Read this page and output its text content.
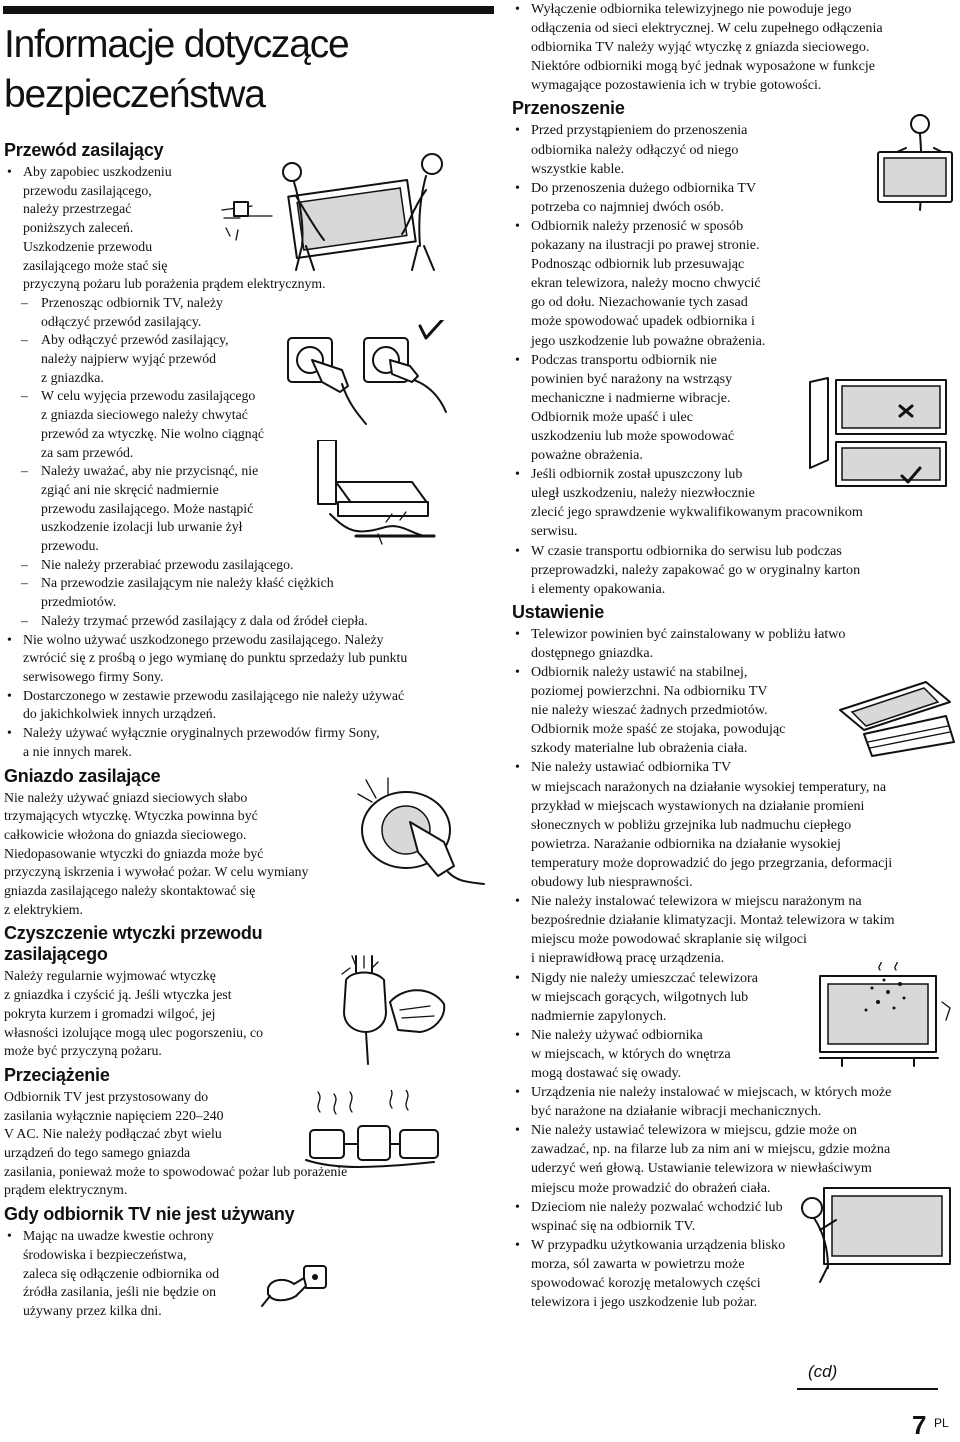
Informacje dotyczące
bezpieczeństwa
Przewód zasilający
• Aby zapobiec uszkodzeniu
przewodu zasilającego,
należy przestrzegać
poniższych zaleceń.
Uszkodzenie przewodu
zasilającego może stać się
przyczyną pożaru lub porażenia prądem elektrycznym.
– Przenosząc odbiornik TV, należy
odłączyć przewód zasilający.
– Aby odłączyć przewód zasilający,
należy najpierw wyjąć przewód
z gniazdka.
– W celu wyjęcia przewodu zasilającego
z gniazda sieciowego należy chwytać
przewód za wtyczkę. Nie wolno ciągnąć
za sam przewód.
– Należy uważać, aby nie przycisnąć, nie
zgiąć ani nie skręcić nadmiernie
przewodu zasilającego. Może nastąpić
uszkodzenie izolacji lub urwanie żył
przewodu.
– Nie należy przerabiać przewodu zasilającego.
– Na przewodzie zasilającym nie należy kłaść ciężkich
przedmiotów.
– Należy trzymać przewód zasilający z dala od źródeł ciepła.
• Nie wolno używać uszkodzonego przewodu zasilającego. Należy
zwrócić się z prośbą o jego wymianę do punktu sprzedaży lub punktu
serwisowego firmy Sony.
• Dostarczonego w zestawie przewodu zasilającego nie należy używać
do jakichkolwiek innych urządzeń.
• Należy używać wyłącznie oryginalnych przewodów firmy Sony,
a nie innych marek.
Gniazdo zasilające

Nie należy używać gniazd sieciowych słabo
trzymających wtyczkę. Wtyczka powinna być
całkowicie włożona do gniazda sieciowego.
Niedopasowanie wtyczki do gniazda może być
przyczyną iskrzenia i wywołać pożar. W celu wymiany
gniazda zasilającego należy skontaktować się
z elektrykiem.

Czyszczenie wtyczki przewodu
zasilającego

Należy regularnie wyjmować wtyczkę
z gniazdka i czyścić ją. Jeśli wtyczka jest
pokryta kurzem i gromadzi wilgoć, jej
własności izolujące mogą ulec pogorszeniu, co
może być przyczyną pożaru.

Przeciążenie

Odbiornik TV jest przystosowany do
zasilania wyłącznie napięciem 220–240
V AC. Nie należy podłączać zbyt wielu
urządzeń do tego samego gniazda
zasilania, ponieważ może to spowodować pożar lub porażenie
prądem elektrycznym.

Gdy odbiornik TV nie jest używany
• Mając na uwadze kwestie ochrony
środowiska i bezpieczeństwa,
zaleca się odłączenie odbiornika od
źródła zasilania, jeśli nie będzie on
używany przez kilka dni.
• Wyłączenie odbiornika telewizyjnego nie powoduje jego
odłączenia od sieci elektrycznej. W celu zupełnego odłączenia
odbiornika TV należy wyjąć wtyczkę z gniazda sieciowego.
Niektóre odbiorniki mogą być jednak wyposażone w funkcje
wymagające pozostawienia ich w trybie gotowości.
Przenoszenie
• Przed przystąpieniem do przenoszenia
odbiornika należy odłączyć od niego
wszystkie kable.
• Do przenoszenia dużego odbiornika TV
potrzeba co najmniej dwóch osób.
• Odbiornik należy przenosić w sposób
pokazany na ilustracji po prawej stronie.
Podnosząc odbiornik lub przesuwając
ekran telewizora, należy mocno chwycić
go od dołu. Niezachowanie tych zasad
może spowodować upadek odbiornika i
jego uszkodzenie lub poważne obrażenia.
• Podczas transportu odbiornik nie
powinien być narażony na wstrząsy
mechaniczne i nadmierne wibracje.
Odbiornik może upaść i ulec
uszkodzeniu lub może spowodować
poważne obrażenia.
• Jeśli odbiornik został upuszczony lub
uległ uszkodzeniu, należy niezwłocznie
zlecić jego sprawdzenie wykwalifikowanym pracownikom
serwisu.
• W czasie transportu odbiornika do serwisu lub podczas
przeprowadzki, należy zapakować go w oryginalny karton
i elementy opakowania.
Ustawienie
• Telewizor powinien być zainstalowany w pobliżu łatwo
dostępnego gniazdka.
• Odbiornik należy ustawić na stabilnej,
poziomej powierzchni. Na odbiorniku TV
nie należy wieszać żadnych przedmiotów.
Odbiornik może spaść ze stojaka, powodując
szkody materialne lub obrażenia ciała.
• Nie należy ustawiać odbiornika TV
w miejscach narażonych na działanie wysokiej temperatury, na
przykład w miejscach wystawionych na działanie promieni
słonecznych w pobliżu grzejnika lub nadmuchu ciepłego
powietrza. Narażanie odbiornika na działanie wysokiej
temperatury może doprowadzić do jego przegrzania, deformacji
obudowy lub niesprawności.
• Nie należy instalować telewizora w miejscu narażonym na
bezpośrednie działanie klimatyzacji. Montaż telewizora w takim
miejscu może powodować skraplanie się wilgoci
i nieprawidłową pracę urządzenia.
• Nigdy nie należy umieszczać telewizora
w miejscach gorących, wilgotnych lub
nadmiernie zapylonych.
• Nie należy używać odbiornika
w miejscach, w których do wnętrza
mogą dostawać się owady.
• Urządzenia nie należy instalować w miejscach, w których może
być narażone na działanie wibracji mechanicznych.
• Nie należy ustawiać telewizora w miejscu, gdzie może on
zawadzać, np. na filarze lub za nim ani w miejscu, gdzie można
uderzyć weń głową. Ustawianie telewizora w niewłaściwym
miejscu może prowadzić do obrażeń ciała.
• Dzieciom nie należy pozwalać wchodzić lub
wspinać się na odbiornik TV.
• W przypadku użytkowania urządzenia blisko
morza, sól zawarta w powietrzu może
spowodować korozję metalowych części
telewizora i jego uszkodzenie lub pożar.
(cd)
7 PL
